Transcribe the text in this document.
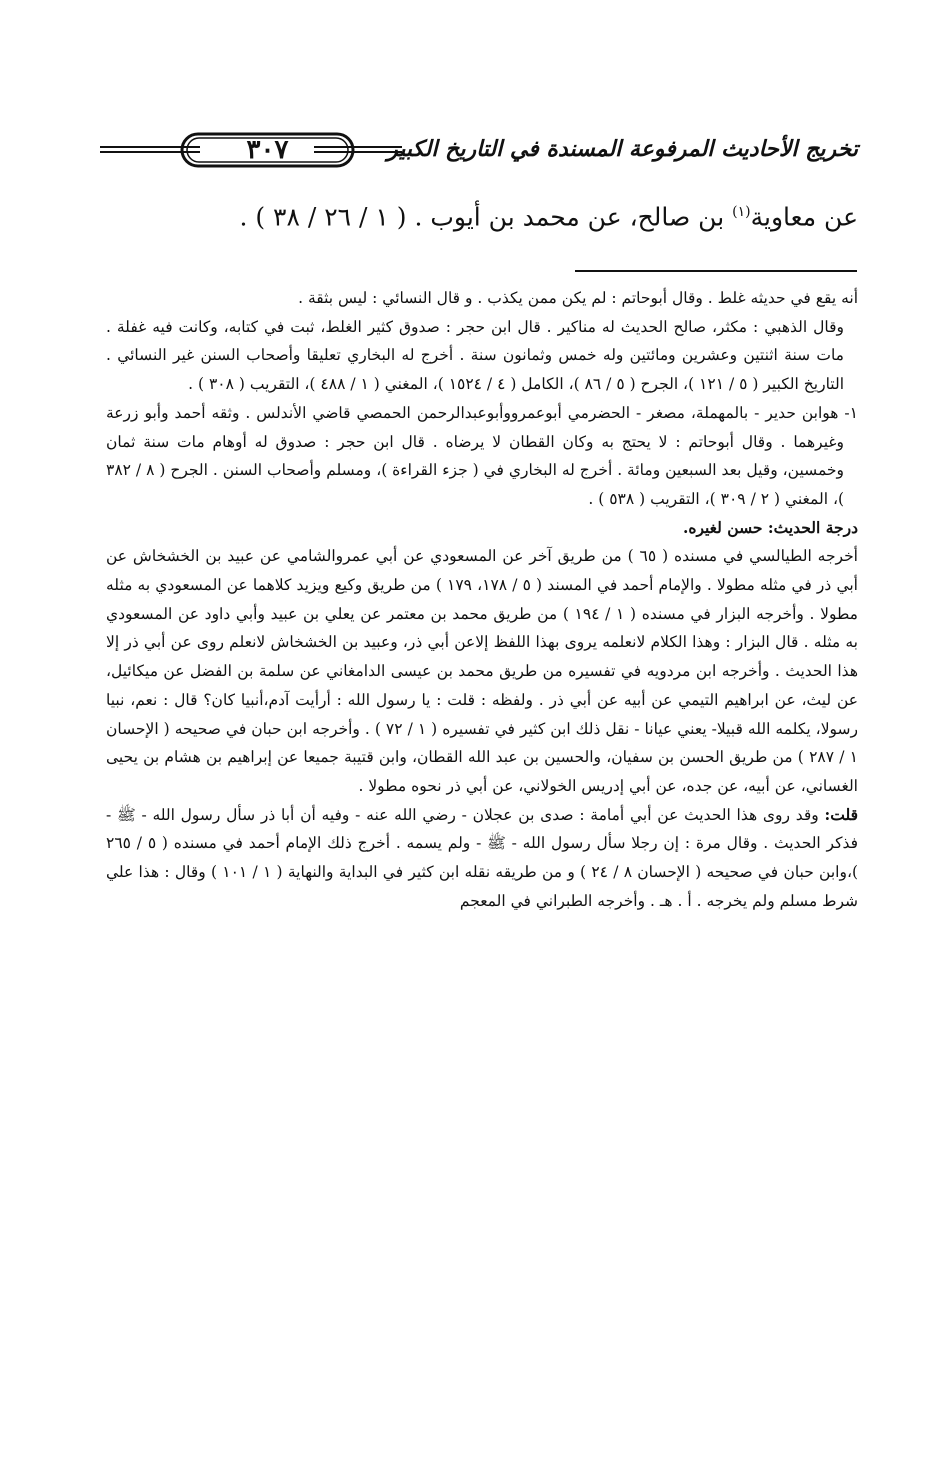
تخريج الأحاديث المرفوعة المسندة في التاريخ الكبير
٣٠٧
عن معاوية$^{(١)}$ بن صالح، عن محمد بن أيوب . ( ١ / ٢٦ / ٣٨ ) .

أنه يقع في حديثه غلط . وقال أبوحاتم : لم يكن ممن يكذب . و قال النسائي : ليس بثقة .

وقال الذهبي : مكثر، صالح الحديث له مناكير . قال ابن حجر : صدوق كثير الغلط، ثبت في كتابه، وكانت فيه غفلة . مات سنة اثنتين وعشرين ومائتين وله خمس وثمانون سنة . أخرج له البخاري تعليقا وأصحاب السنن غير النسائي . التاريخ الكبير ( ٥ / ١٢١ )، الجرح ( ٥ / ٨٦ )، الكامل ( ٤ / ١٥٢٤ )، المغني ( ١ / ٤٨٨ )، التقريب ( ٣٠٨ ) .

١- هوابن حدير - بالمهملة، مصغر - الحضرمي أبوعمرووأبوعبدالرحمن الحمصي قاضي الأندلس . وثقه أحمد وأبو زرعة وغيرهما . وقال أبوحاتم : لا يحتج به وكان القطان لا يرضاه . قال ابن حجر : صدوق له أوهام مات سنة ثمان وخمسين، وقيل بعد السبعين ومائة . أخرج له البخاري في ( جزء القراءة )، ومسلم وأصحاب السنن . الجرح ( ٨ / ٣٨٢ )، المغني ( ٢ / ٣٠٩ )، التقريب ( ٥٣٨ ) .

درجة الحديث: حسن لغيره.

أخرجه الطيالسي في مسنده ( ٦٥ ) من طريق آخر عن المسعودي عن أبي عمروالشامي عن عبيد بن الخشخاش عن أبي ذر في مثله مطولا . والإمام أحمد في المسند ( ٥ / ١٧٨، ١٧٩ ) من طريق وكيع ويزيد كلاهما عن المسعودي به مثله مطولا . وأخرجه البزار في مسنده ( ١ / ١٩٤ ) من طريق محمد بن معتمر عن يعلي بن عبيد وأبي داود عن المسعودي به مثله . قال البزار : وهذا الكلام لانعلمه يروى بهذا اللفظ إلاعن أبي ذر، وعبيد بن الخشخاش لانعلم روى عن أبي ذر إلا هذا الحديث . وأخرجه ابن مردويه في تفسيره من طريق محمد بن عيسى الدامغاني عن سلمة بن الفضل عن ميكائيل، عن ليث، عن ابراهيم التيمي عن أبيه عن أبي ذر . ولفظه : قلت : يا رسول الله : أرأيت آدم،أنبيا كان؟ قال : نعم، نبيا رسولا، يكلمه الله قبيلا- يعني عيانا - نقل ذلك ابن كثير في تفسيره ( ١ / ٧٢ ) . وأخرجه ابن حبان في صحيحه ( الإحسان ١ / ٢٨٧ ) من طريق الحسن بن سفيان، والحسين بن عبد الله القطان، وابن قتيبة جميعا عن إبراهيم بن هشام بن يحيى الغساني، عن أبيه، عن جده، عن أبي إدريس الخولاني، عن أبي ذر نحوه مطولا .

قلت: وقد روى هذا الحديث عن أبي أمامة : صدى بن عجلان - رضي الله عنه - وفيه أن أبا ذر سأل رسول الله - ﷺ - فذكر الحديث . وقال مرة : إن رجلا سأل رسول الله - ﷺ - ولم يسمه . أخرج ذلك الإمام أحمد في مسنده ( ٥ / ٢٦٥ )،وابن حبان في صحيحه ( الإحسان ٨ / ٢٤ ) و من طريقه نقله ابن كثير في البداية والنهاية ( ١ / ١٠١ ) وقال : هذا علي شرط مسلم ولم يخرجه . أ . هـ . وأخرجه الطبراني في المعجم
